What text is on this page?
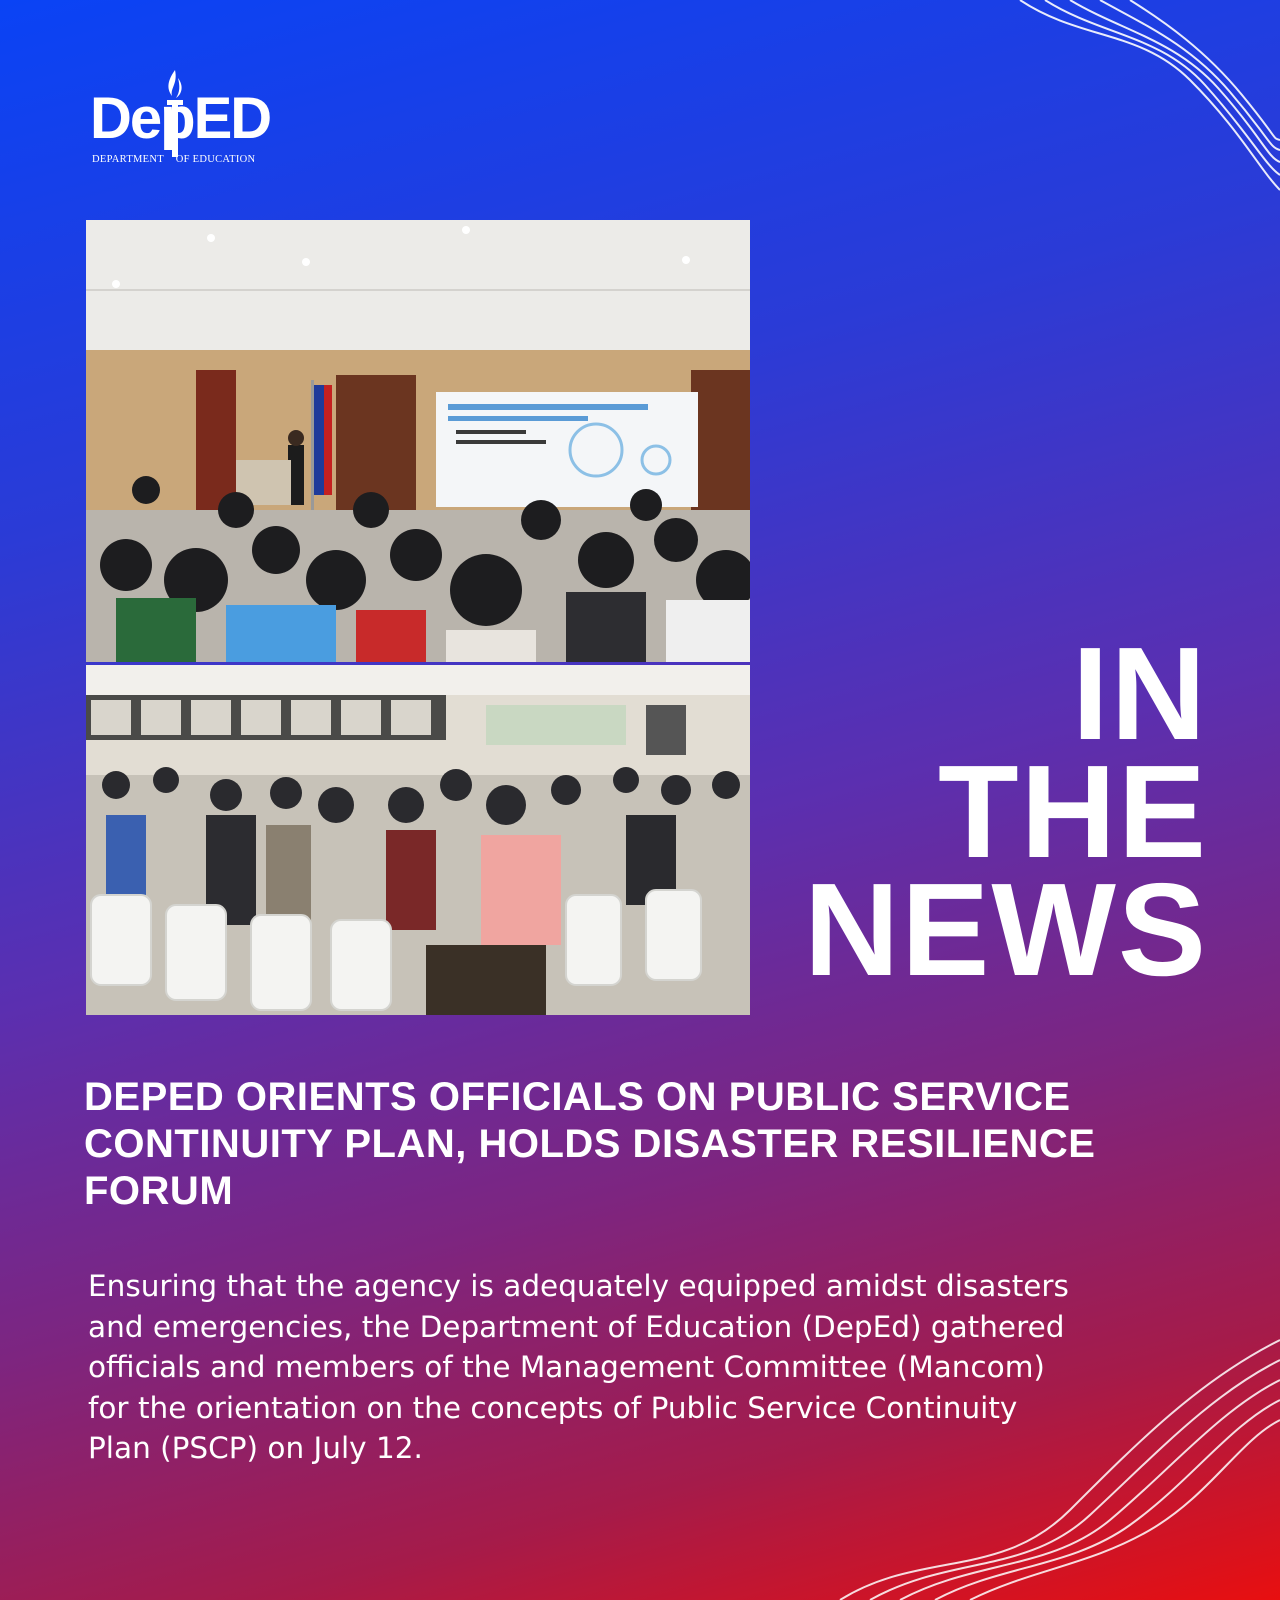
DepED
DEPARTMENT OF EDUCATION
IN
THE
NEWS
DEPED ORIENTS OFFICIALS ON PUBLIC SERVICE CONTINUITY PLAN, HOLDS DISASTER RESILIENCE FORUM
Ensuring that the agency is adequately equipped amidst disasters and emergencies, the Department of Education (DepEd) gathered officials and members of the Management Committee (Mancom) for the orientation on the concepts of Public Service Continuity Plan (PSCP) on July 12.
